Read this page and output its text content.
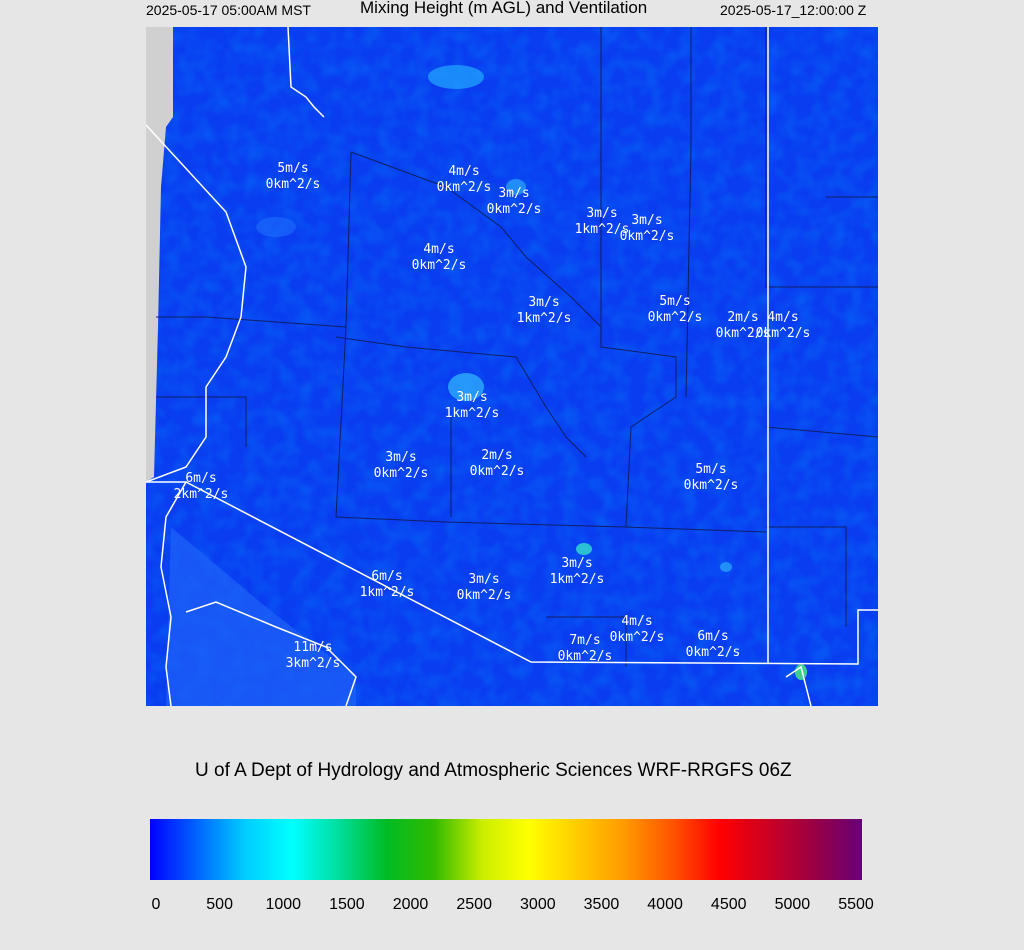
2025-05-17 05:00AM MST	Mixing Height (m AGL) and Ventilation	2025-05-17_12:00:00 Z
5m/s
0km^2/s
4m/s
0km^2/s 3m/s
0km^2/s	3m/s
1km^2/s
3m/s
0km^2/s
4m/s
0km^2/s
3m/s
1km^2/s
5m/s
0km^2/s 2m/s
0km^2/s
4m/s
0km^2/s
3m/s
1km^2/s
3m/s
0km^2/s
2m/s
0km^2/s
6m/s
2km^2/s
5m/s
0km^2/s
6m/s
1km^2/s
3m/s
0km^2/s
3m/s
1km^2/s
4m/s
0km^2/s
7m/s
0km^2/s
6m/s
0km^2/s
11m/s
3km^2/s
U of A Dept of Hydrology and Atmospheric Sciences WRF-RRGFS 06Z
0	500 1000 1500 2000 2500 3000 3500 4000 4500 5000 5500
